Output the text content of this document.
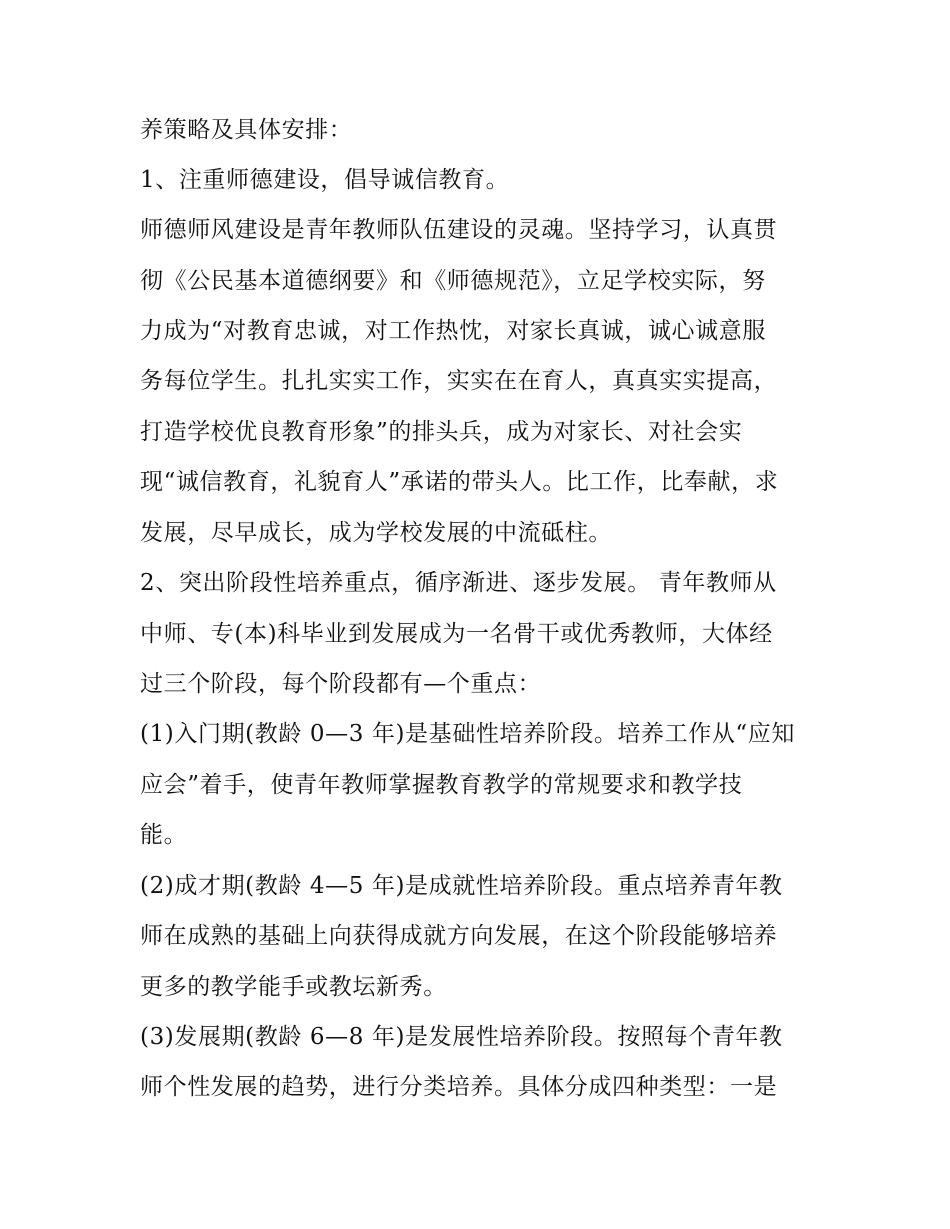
养策略及具体安排：
1、注重师德建设，倡导诚信教育。
师德师风建设是青年教师队伍建设的灵魂。坚持学习，认真贯
彻《公民基本道德纲要》和《师德规范》，立足学校实际，努
力成为“对教育忠诚，对工作热忱，对家长真诚，诚心诚意服
务每位学生。扎扎实实工作，实实在在育人，真真实实提高，
打造学校优良教育形象”的排头兵，成为对家长、对社会实
现“诚信教育，礼貌育人”承诺的带头人。比工作，比奉献，求
发展，尽早成长，成为学校发展的中流砥柱。
2、突出阶段性培养重点，循序渐进、逐步发展。 青年教师从
中师、专(本)科毕业到发展成为一名骨干或优秀教师，大体经
过三个阶段，每个阶段都有—个重点：
(1)入门期(教龄 0—3 年)是基础性培养阶段。培养工作从“应知
应会”着手，使青年教师掌握教育教学的常规要求和教学技
能。
(2)成才期(教龄 4—5 年)是成就性培养阶段。重点培养青年教
师在成熟的基础上向获得成就方向发展，在这个阶段能够培养
更多的教学能手或教坛新秀。
(3)发展期(教龄 6—8 年)是发展性培养阶段。按照每个青年教
师个性发展的趋势，进行分类培养。具体分成四种类型：一是
